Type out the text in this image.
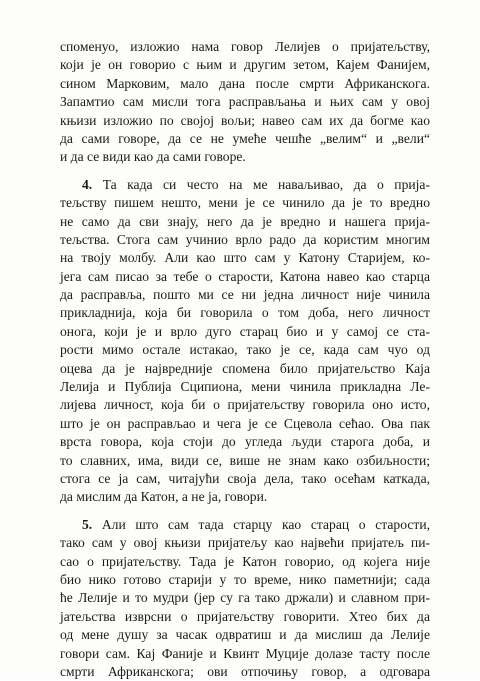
споменуо, изложио нама говор Лелијев о пријатељству,
који је он говорио с њим и другим зетом, Кајем Фанијем,
сином Марковим, мало дана после смрти Африканскога.
Запамтио сам мисли тога расправљања и њих сам у овој
књизи изложио по својој вољи; навео сам их да богме као
да сами говоре, да се не умеће чешће „велим“ и „вели“
и да се види као да сами говоре.
4. Та када си често на ме наваљивао, да о прија-
тељству пишем нешто, мени је се чинило да је то вредно
не само да сви знају, него да је вредно и нашега прија-
тељства. Стога сам учинио врло радо да користим многим
на твоју молбу. Али као што сам у Катону Старијем, ко-
јега сам писао за тебе о старости, Катона навео као старца
да расправља, пошто ми се ни једна личност није чинила
прикладнија, која би говорила о том доба, него личност
онога, који је и врло дуго старац био и у самој се ста-
рости мимо остале истакао, тако је се, када сам чуо од
оцева да је највредније спомена било пријатељство Каја
Лелија и Публија Сципиона, мени чинила прикладна Ле-
лијева личност, која би о пријатељству говорила оно исто,
што је он расправљао и чега је се Сцевола сећао. Ова пак
врста говора, која стоји до угледа људи старога доба, и
то славних, има, види се, више не знам како озбиљности;
стога се ја сам, читајући своја дела, тако осећам каткада,
да мислим да Катон, а не ја, говори.
5. Али што сам тада старцу као старац о старости,
тако сам у овој књизи пријатељу као највећи пријатељ пи-
сао о пријатељству. Тада је Катон говорио, од којега није
био нико готово старији у то време, нико паметнији; сада
ће Лелије и то мудри (јер су га тако држали) и славном при-
јатељства изврсни о пријатељству говорити. Хтео бих да
од мене душу за часак одвратиш и да мислиш да Лелије
говори сам. Кај Фаније и Квинт Муције долазе тасту после
смрти Африканскога; ови отпочињу говор, а одговара
